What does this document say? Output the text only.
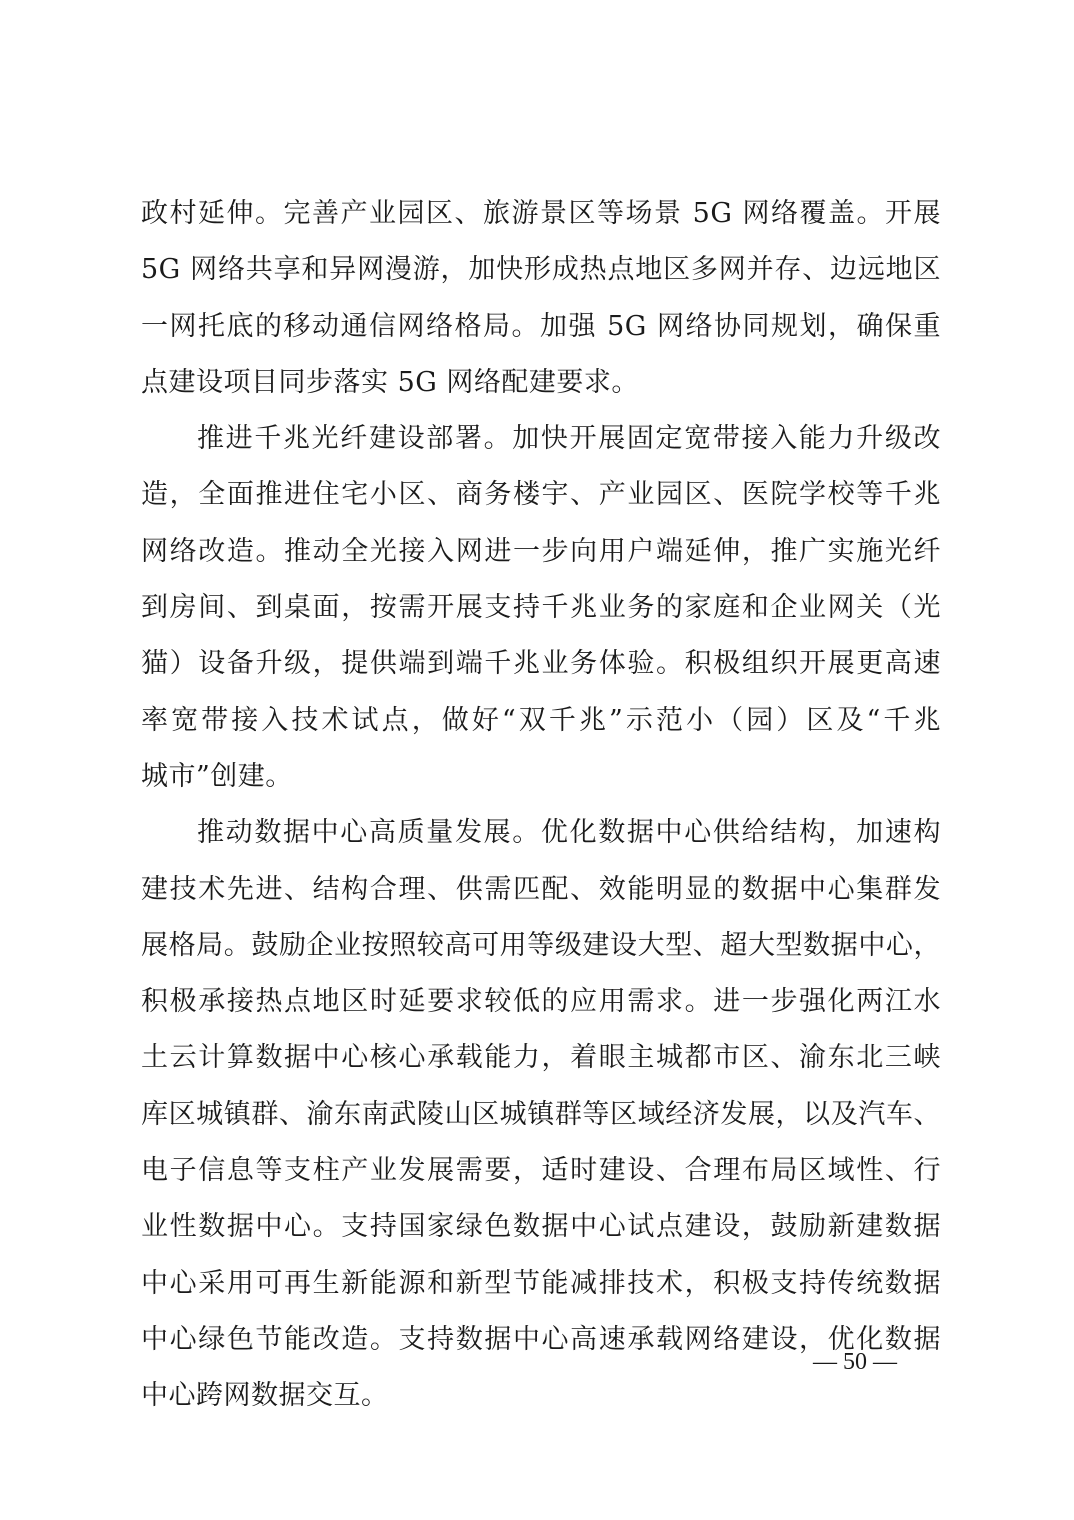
政村延伸。完善产业园区、旅游景区等场景 5G 网络覆盖。开展
5G 网络共享和异网漫游，加快形成热点地区多网并存、边远地区
一网托底的移动通信网络格局。加强 5G 网络协同规划，确保重
点建设项目同步落实 5G 网络配建要求。
推进千兆光纤建设部署。加快开展固定宽带接入能力升级改
造，全面推进住宅小区、商务楼宇、产业园区、医院学校等千兆
网络改造。推动全光接入网进一步向用户端延伸，推广实施光纤
到房间、到桌面，按需开展支持千兆业务的家庭和企业网关（光
猫）设备升级，提供端到端千兆业务体验。积极组织开展更高速
率宽带接入技术试点，做好“双千兆”示范小（园）区及“千兆
城市”创建。
推动数据中心高质量发展。优化数据中心供给结构，加速构
建技术先进、结构合理、供需匹配、效能明显的数据中心集群发
展格局。鼓励企业按照较高可用等级建设大型、超大型数据中心，
积极承接热点地区时延要求较低的应用需求。进一步强化两江水
土云计算数据中心核心承载能力，着眼主城都市区、渝东北三峡
库区城镇群、渝东南武陵山区城镇群等区域经济发展，以及汽车、
电子信息等支柱产业发展需要，适时建设、合理布局区域性、行
业性数据中心。支持国家绿色数据中心试点建设，鼓励新建数据
中心采用可再生新能源和新型节能减排技术，积极支持传统数据
中心绿色节能改造。支持数据中心高速承载网络建设，优化数据
中心跨网数据交互。
— 50 —
